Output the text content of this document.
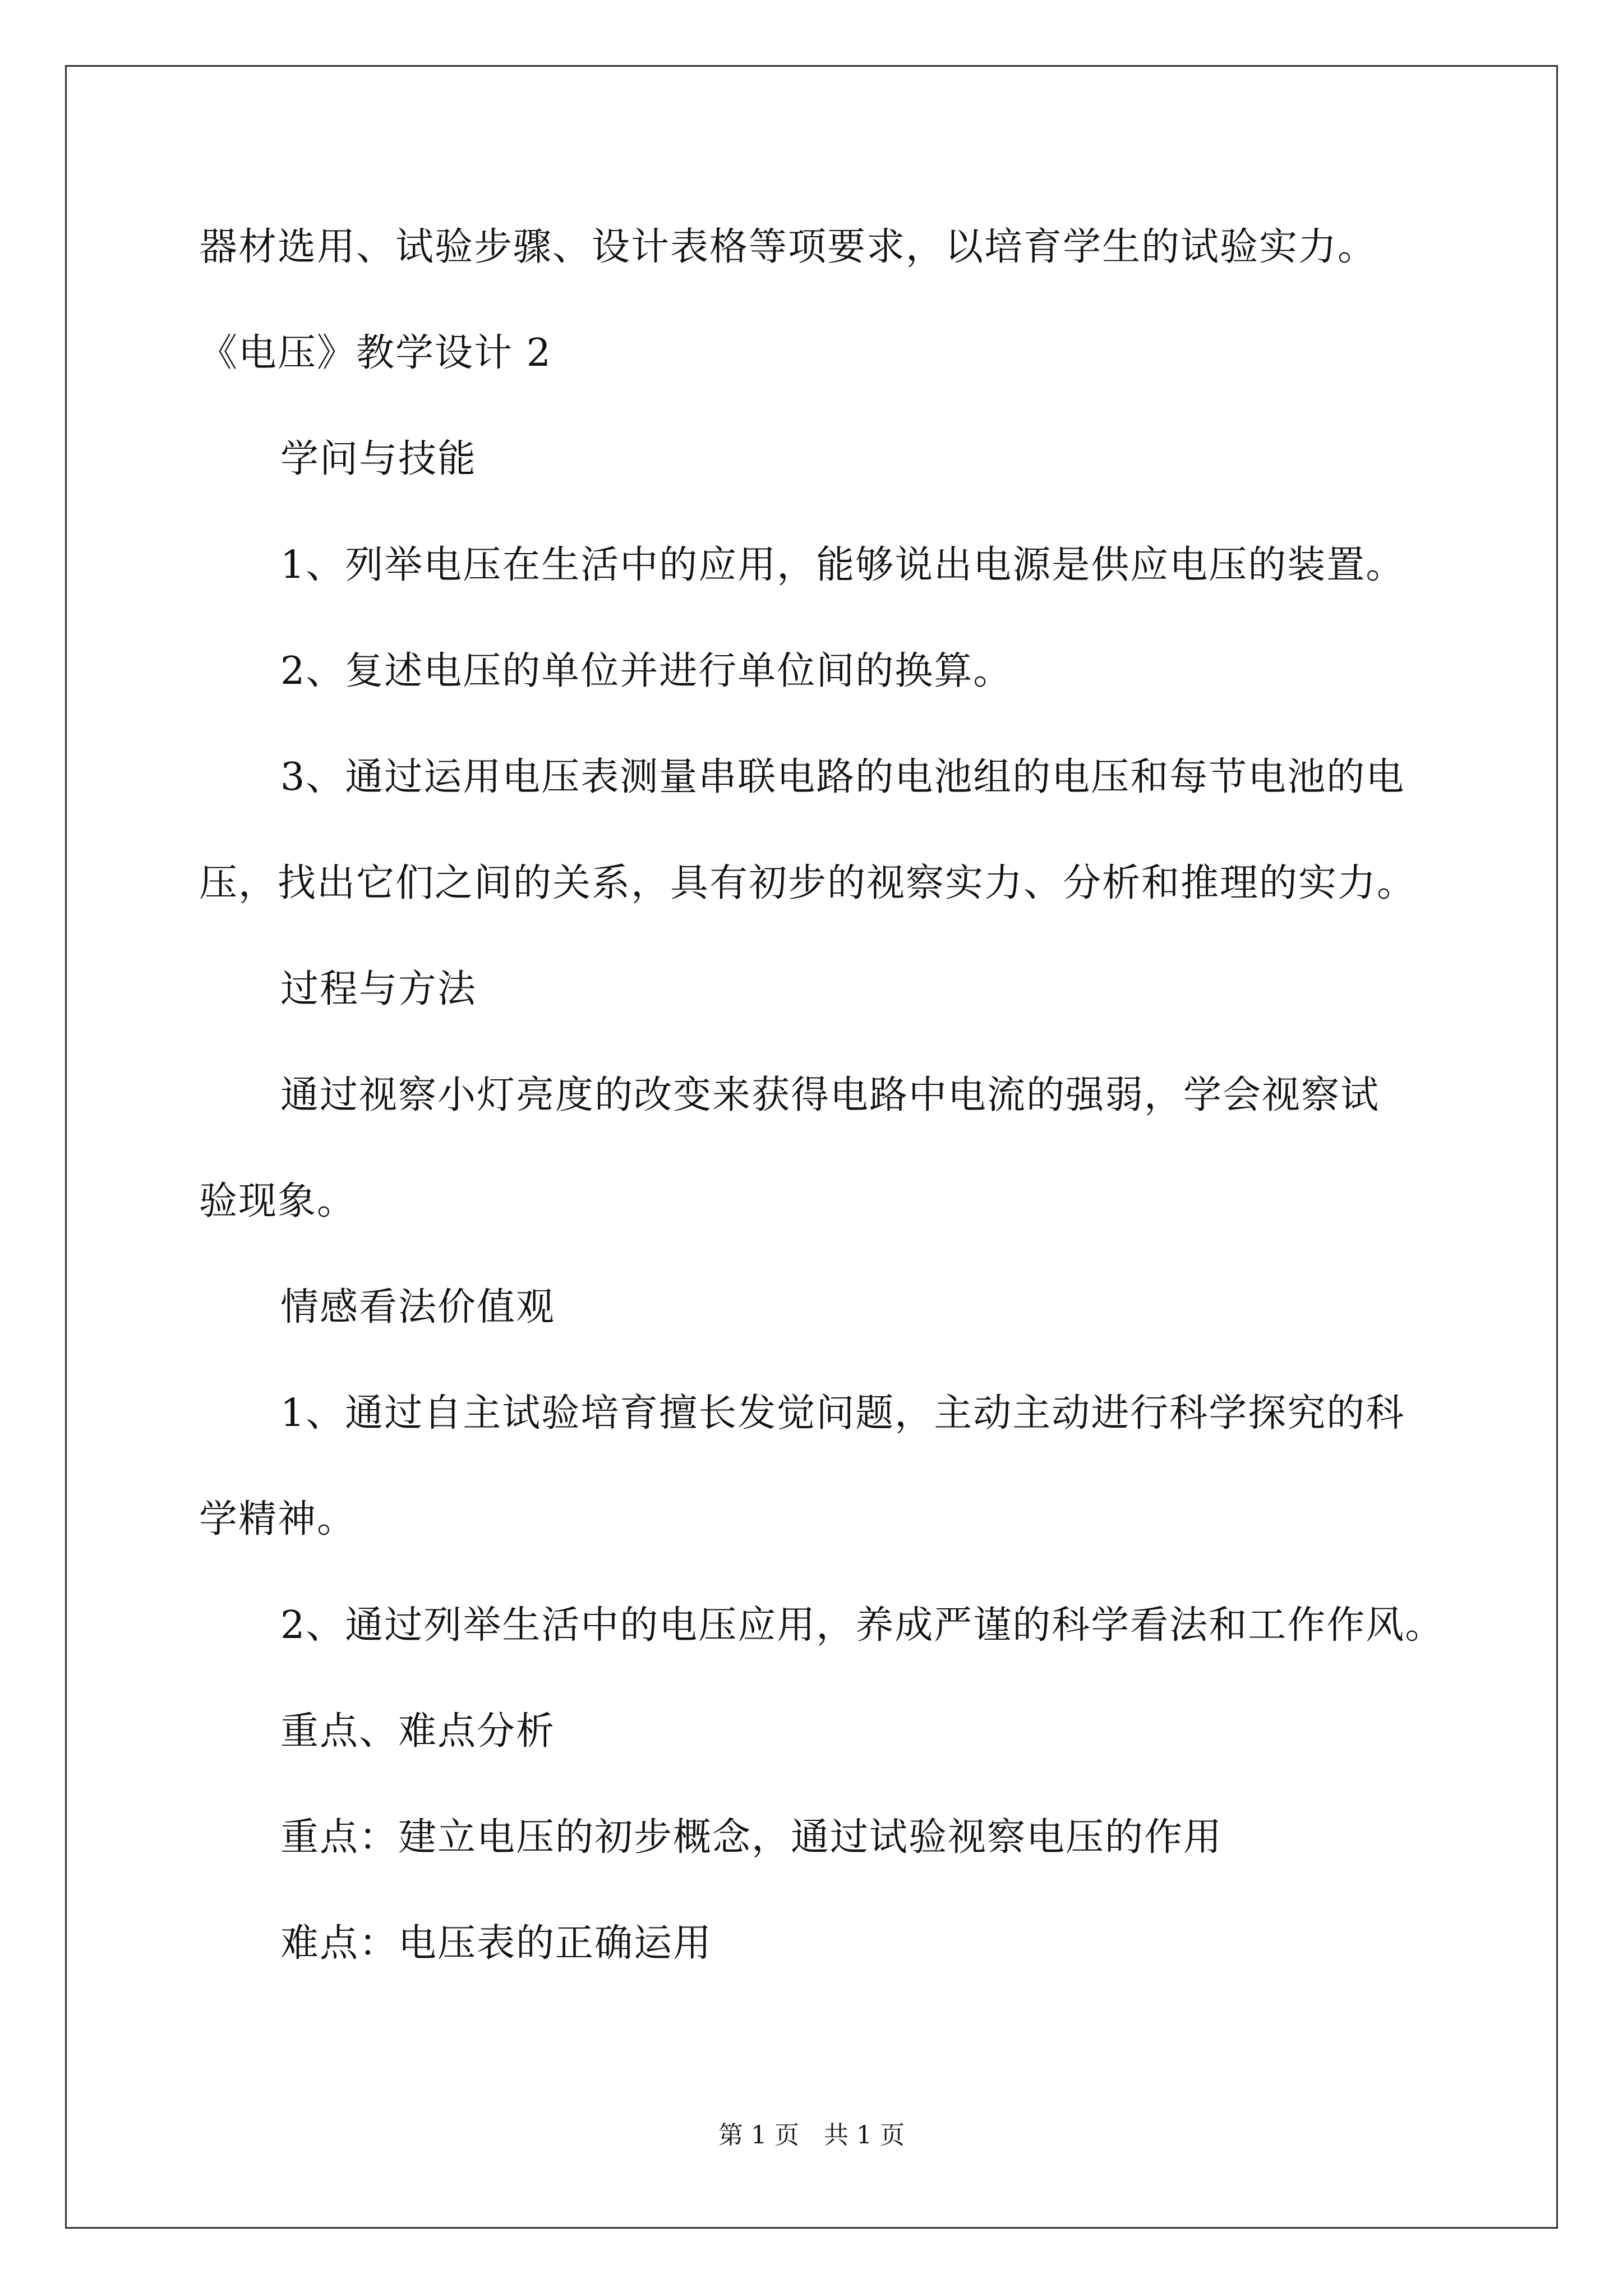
器材选用、试验步骤、设计表格等项要求，以培育学生的试验实力。
《电压》教学设计 2
学问与技能
1、列举电压在生活中的应用，能够说出电源是供应电压的装置。
2、复述电压的单位并进行单位间的换算。
3、通过运用电压表测量串联电路的电池组的电压和每节电池的电
压，找出它们之间的关系，具有初步的视察实力、分析和推理的实力。
过程与方法
通过视察小灯亮度的改变来获得电路中电流的强弱，学会视察试
验现象。
情感看法价值观
1、通过自主试验培育擅长发觉问题，主动主动进行科学探究的科
学精神。
2、通过列举生活中的电压应用，养成严谨的科学看法和工作作风。
重点、难点分析
重点：建立电压的初步概念，通过试验视察电压的作用
难点：电压表的正确运用
第 1 页　共 1 页
